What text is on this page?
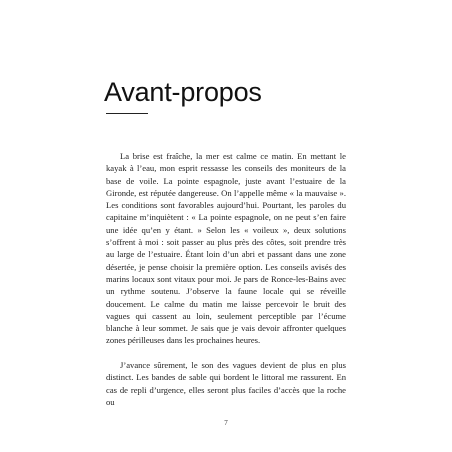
Avant-propos

La brise est fraîche, la mer est calme ce matin. En mettant le kayak à l’eau, mon esprit ressasse les conseils des moniteurs de la base de voile. La pointe espagnole, juste avant l’estuaire de la Gironde, est réputée dangereuse. On l’appelle même « la mauvaise ». Les conditions sont favorables aujourd’hui. Pourtant, les paroles du capitaine m’inquiètent : « La pointe espagnole, on ne peut s’en faire une idée qu’en y étant. » Selon les « voileux », deux solutions s’offrent à moi : soit passer au plus près des côtes, soit prendre très au large de l’estuaire. Étant loin d’un abri et passant dans une zone désertée, je pense choisir la première option. Les conseils avisés des marins locaux sont vitaux pour moi. Je pars de Ronce-les-Bains avec un rythme soutenu. J’observe la faune locale qui se réveille doucement. Le calme du matin me laisse percevoir le bruit des vagues qui cassent au loin, seulement perceptible par l’écume blanche à leur sommet. Je sais que je vais devoir affronter quelques zones périlleuses dans les prochaines heures.

J’avance sûrement, le son des vagues devient de plus en plus distinct. Les bandes de sable qui bordent le littoral me rassurent. En cas de repli d’urgence, elles seront plus faciles d’accès que la roche ou

7
